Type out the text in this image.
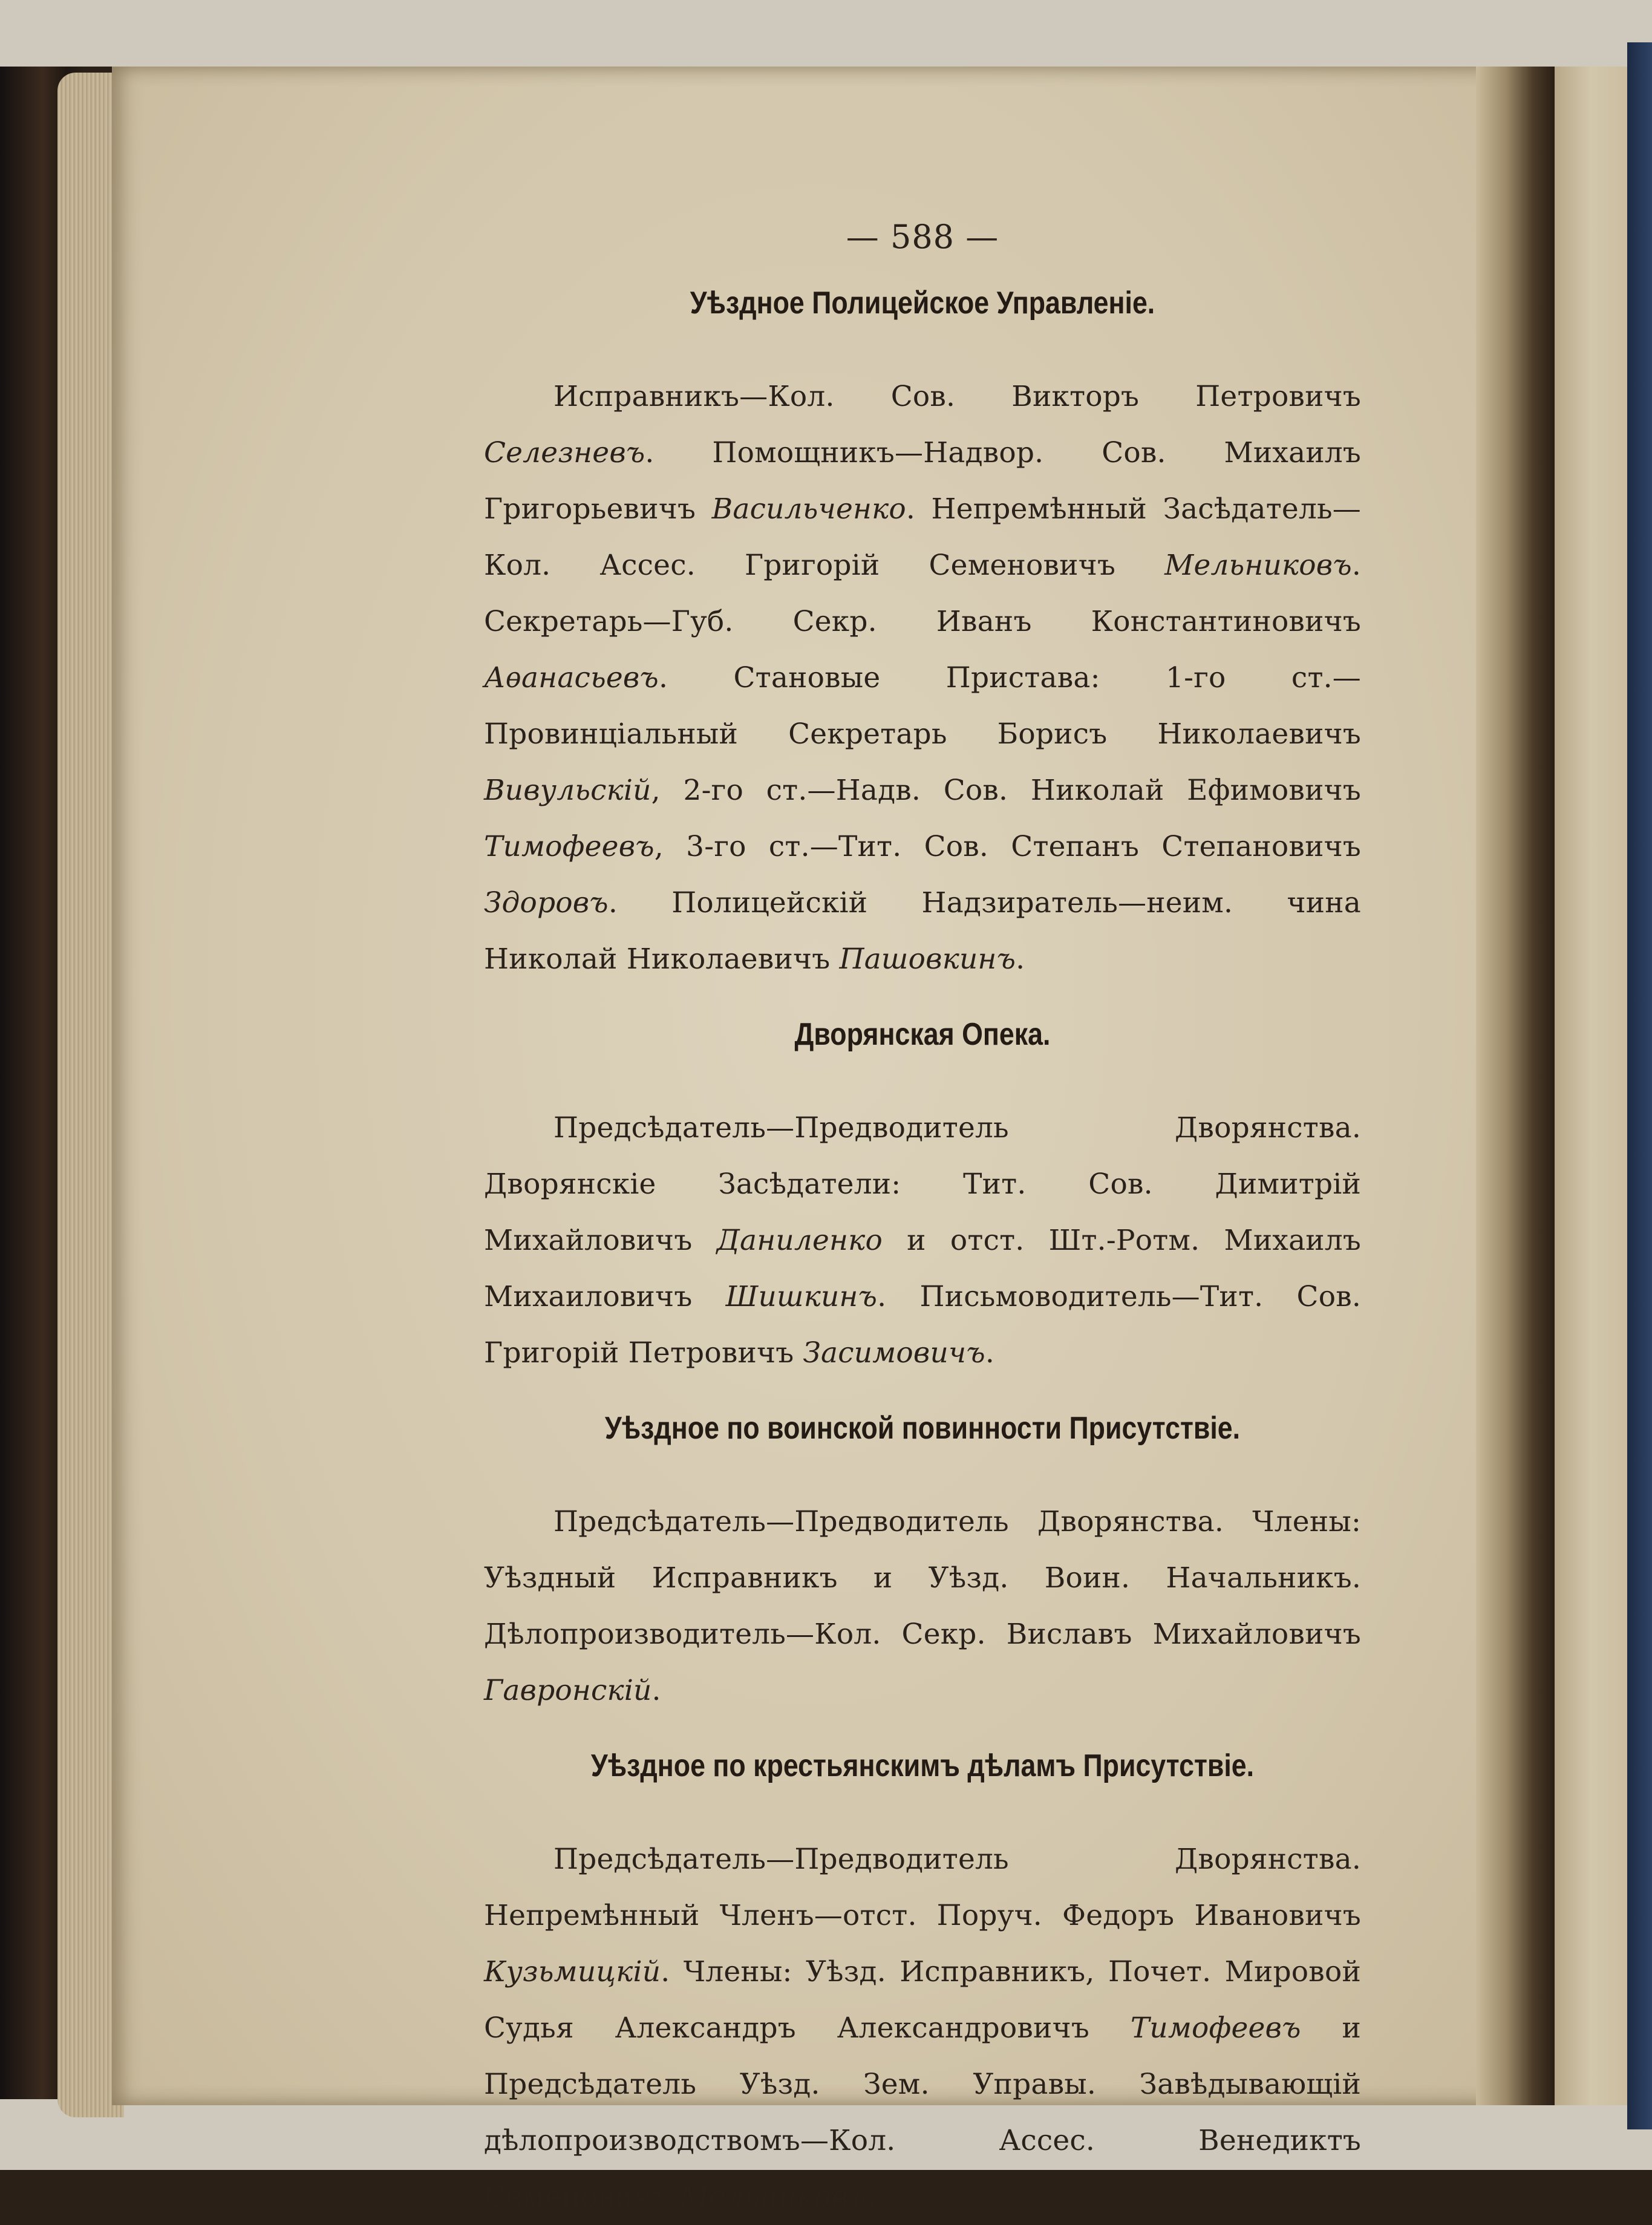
— 588 —
Уѣздное Полицейское Управленіе.

Исправникъ—Кол. Сов. Викторъ Петровичъ Селезневъ. Помощникъ—Надвор. Сов. Михаилъ Григорьевичъ Васильченко. Непремѣнный Засѣдатель—Кол. Ассес. Григорій Семеновичъ Мельниковъ. Секретарь—Губ. Секр. Иванъ Константиновичъ Аѳанасьевъ. Становые Пристава: 1-го ст.—Провинціальный Секретарь Борисъ Николаевичъ Вивульскій, 2-го ст.—Надв. Сов. Николай Ефимовичъ Тимофеевъ, 3-го ст.—Тит. Сов. Степанъ Степановичъ Здоровъ. Полицейскій Надзиратель—неим. чина Николай Николаевичъ Пашовкинъ.

Дворянская Опека.

Предсѣдатель—Предводитель Дворянства. Дворянскіе Засѣдатели: Тит. Сов. Димитрій Михайловичъ Даниленко и отст. Шт.-Ротм. Михаилъ Михаиловичъ Шишкинъ. Письмоводитель—Тит. Сов. Григорій Петровичъ Засимовичъ.

Уѣздное по воинской повинности Присутствіе.

Предсѣдатель—Предводитель Дворянства. Члены: Уѣздный Исправникъ и Уѣзд. Воин. Начальникъ. Дѣлопроизводитель—Кол. Секр. Виславъ Михайловичъ Гавронскій.

Уѣздное по крестьянскимъ дѣламъ Присутствіе.

Предсѣдатель—Предводитель Дворянства. Непремѣнный Членъ—отст. Поруч. Федоръ Ивановичъ Кузьмицкій. Члены: Уѣзд. Исправникъ, Почет. Мировой Судья Александръ Александровичъ Тимофеевъ и Предсѣдатель Уѣзд. Зем. Управы. Завѣдывающій дѣлопроизводствомъ—Кол. Ассес. Венедиктъ Семеновичъ Мельниковъ.
